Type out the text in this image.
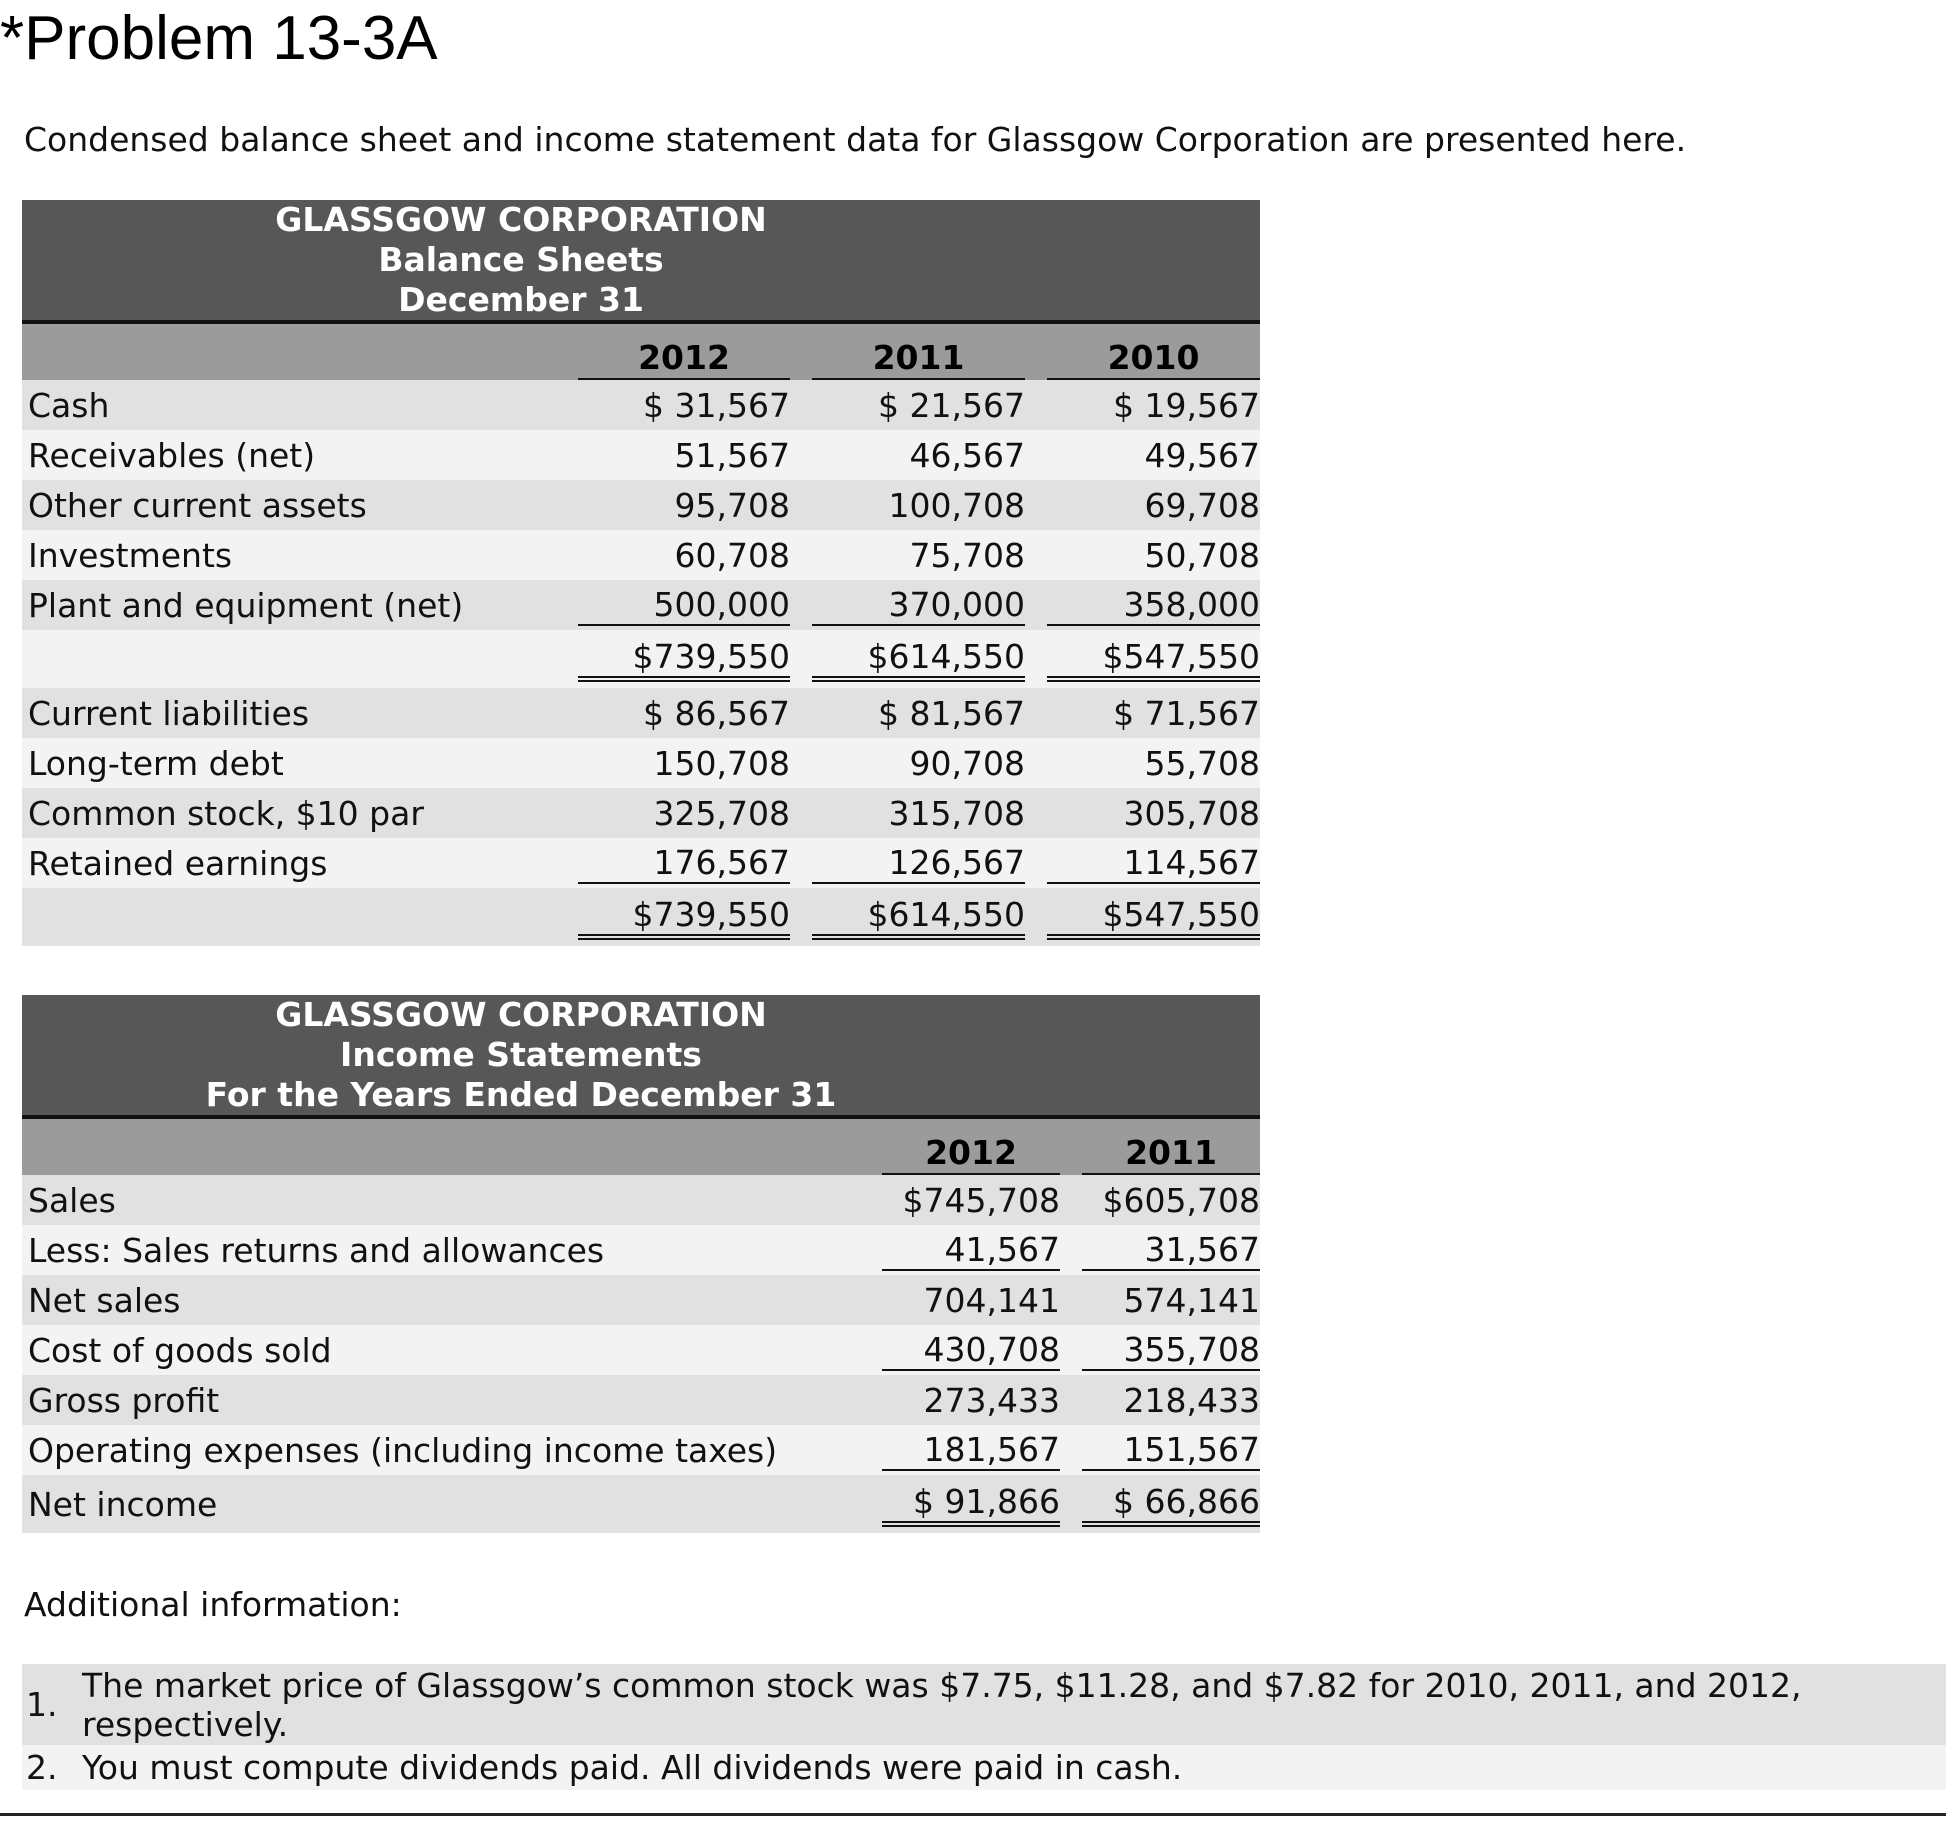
*Problem 13-3A
Condensed balance sheet and income statement data for Glassgow Corporation are presented here.
GLASSGOW CORPORATION
Balance Sheets
December 31			

	2012	2011	2010

Cash	$ 31,567	$ 21,567	$ 19,567

Receivables (net)	51,567	46,567	49,567

Other current assets	95,708	100,708	69,708

Investments	60,708	75,708	50,708

Plant and equipment (net)	500,000	370,000	358,000

	$739,550	$614,550	$547,550

Current liabilities	$ 86,567	$ 81,567	$ 71,567

Long-term debt	150,708	90,708	55,708

Common stock, $10 par	325,708	315,708	305,708

Retained earnings	176,567	126,567	114,567

	$739,550	$614,550	$547,550
GLASSGOW CORPORATION
Income Statements
For the Years Ended December 31		

	2012	2011

Sales	$745,708	$605,708

Less: Sales returns and allowances	41,567	31,567

Net sales	704,141	574,141

Cost of goods sold	430,708	355,708

Gross profit	273,433	218,433

Operating expenses (including income taxes)	181,567	151,567

Net income	$ 91,866	$ 66,866
Additional information:
1. The market price of Glassgow’s common stock was $7.75, $11.28, and $7.82 for 2010, 2011, and 2012, respectively.
2. You must compute dividends paid. All dividends were paid in cash.
